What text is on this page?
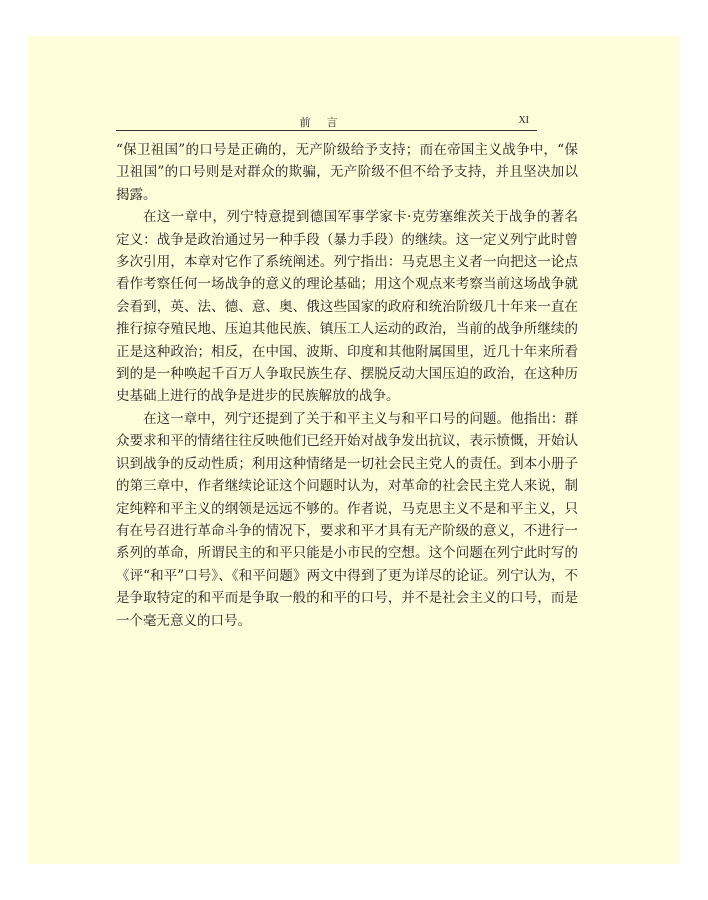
前言	XI

“保卫祖国”的口号是正确的，无产阶级给予支持；而在帝国主义战争中，“保卫祖国”的口号则是对群众的欺骗，无产阶级不但不给予支持，并且坚决加以揭露。

在这一章中，列宁特意提到德国军事学家卡·克劳塞维茨关于战争的著名定义：战争是政治通过另一种手段（暴力手段）的继续。这一定义列宁此时曾多次引用，本章对它作了系统阐述。列宁指出：马克思主义者一向把这一论点看作考察任何一场战争的意义的理论基础；用这个观点来考察当前这场战争就会看到，英、法、德、意、奥、俄这些国家的政府和统治阶级几十年来一直在推行掠夺殖民地、压迫其他民族、镇压工人运动的政治，当前的战争所继续的正是这种政治；相反，在中国、波斯、印度和其他附属国里，近几十年来所看到的是一种唤起千百万人争取民族生存、摆脱反动大国压迫的政治，在这种历史基础上进行的战争是进步的民族解放的战争。

在这一章中，列宁还提到了关于和平主义与和平口号的问题。他指出：群众要求和平的情绪往往反映他们已经开始对战争发出抗议，表示愤慨，开始认识到战争的反动性质；利用这种情绪是一切社会民主党人的责任。到本小册子的第三章中，作者继续论证这个问题时认为，对革命的社会民主党人来说，制定纯粹和平主义的纲领是远远不够的。作者说，马克思主义不是和平主义，只有在号召进行革命斗争的情况下，要求和平才具有无产阶级的意义，不进行一系列的革命，所谓民主的和平只能是小市民的空想。这个问题在列宁此时写的《评“和平”口号》、《和平问题》两文中得到了更为详尽的论证。列宁认为，不是争取特定的和平而是争取一般的和平的口号，并不是社会主义的口号，而是一个毫无意义的口号。
